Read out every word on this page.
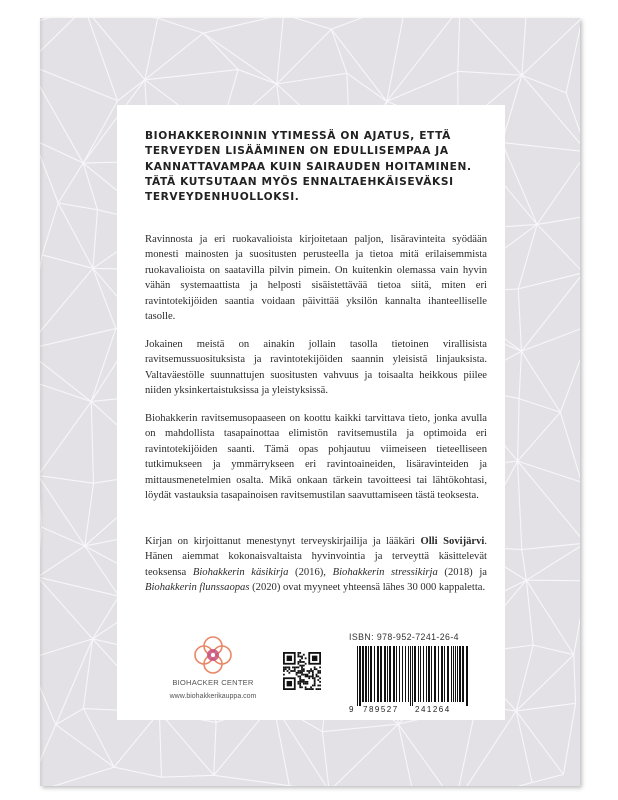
BIOHAKKEROINNIN YTIMESSÄ ON AJATUS, ETTÄ TERVEYDEN LISÄÄMINEN ON EDULLISEMPAA JA KANNATTAVAMPAA KUIN SAIRAUDEN HOITAMINEN. TÄTÄ KUTSUTAAN MYÖS ENNALTAEHKÄISEVÄKSI TERVEYDENHUOLLOKSI.

Ravinnosta ja eri ruokavalioista kirjoitetaan paljon, lisäravinteita syödään monesti mainosten ja suositusten perusteella ja tietoa mitä erilaisemmista ruokavalioista on saatavilla pilvin pimein. On kuitenkin olemassa vain hyvin vähän systemaattista ja helposti sisäistettävää tietoa siitä, miten eri ravintotekijöiden saantia voidaan päivittää yksilön kannalta ihanteelliselle tasolle.

Jokainen meistä on ainakin jollain tasolla tietoinen virallisista ravitsemussuosituksista ja ravintotekijöiden saannin yleisistä linjauksista. Valtaväestölle suunnattujen suositusten vahvuus ja toisaalta heikkous piilee niiden yksinkertaistuksissa ja yleistyksissä.

Biohakkerin ravitsemusopaaseen on koottu kaikki tarvittava tieto, jonka avulla on mahdollista tasapainottaa elimistön ravitsemustila ja optimoida eri ravintotekijöiden saanti. Tämä opas pohjautuu viimeiseen tieteelliseen tutkimukseen ja ymmärrykseen eri ravintoaineiden, lisäravinteiden ja mittausmenetelmien osalta. Mikä onkaan tärkein tavoitteesi tai lähtökohtasi, löydät vastauksia tasapainoisen ravitsemustilan saavuttamiseen tästä teoksesta.

Kirjan on kirjoittanut menestynyt terveyskirjailija ja lääkäri Olli Sovijärvi. Hänen aiemmat kokonaisvaltaista hyvinvointia ja terveyttä käsittelevät teoksensa Biohakkerin käsikirja (2016), Biohakkerin stressikirja (2018) ja Biohakkerin flunssaopas (2020) ovat myyneet yhteensä lähes 30 000 kappaletta.

BIOHACKER CENTER
www.biohakkerikauppa.com
ISBN: 978-952-7241-26-4
9 789527 241264
